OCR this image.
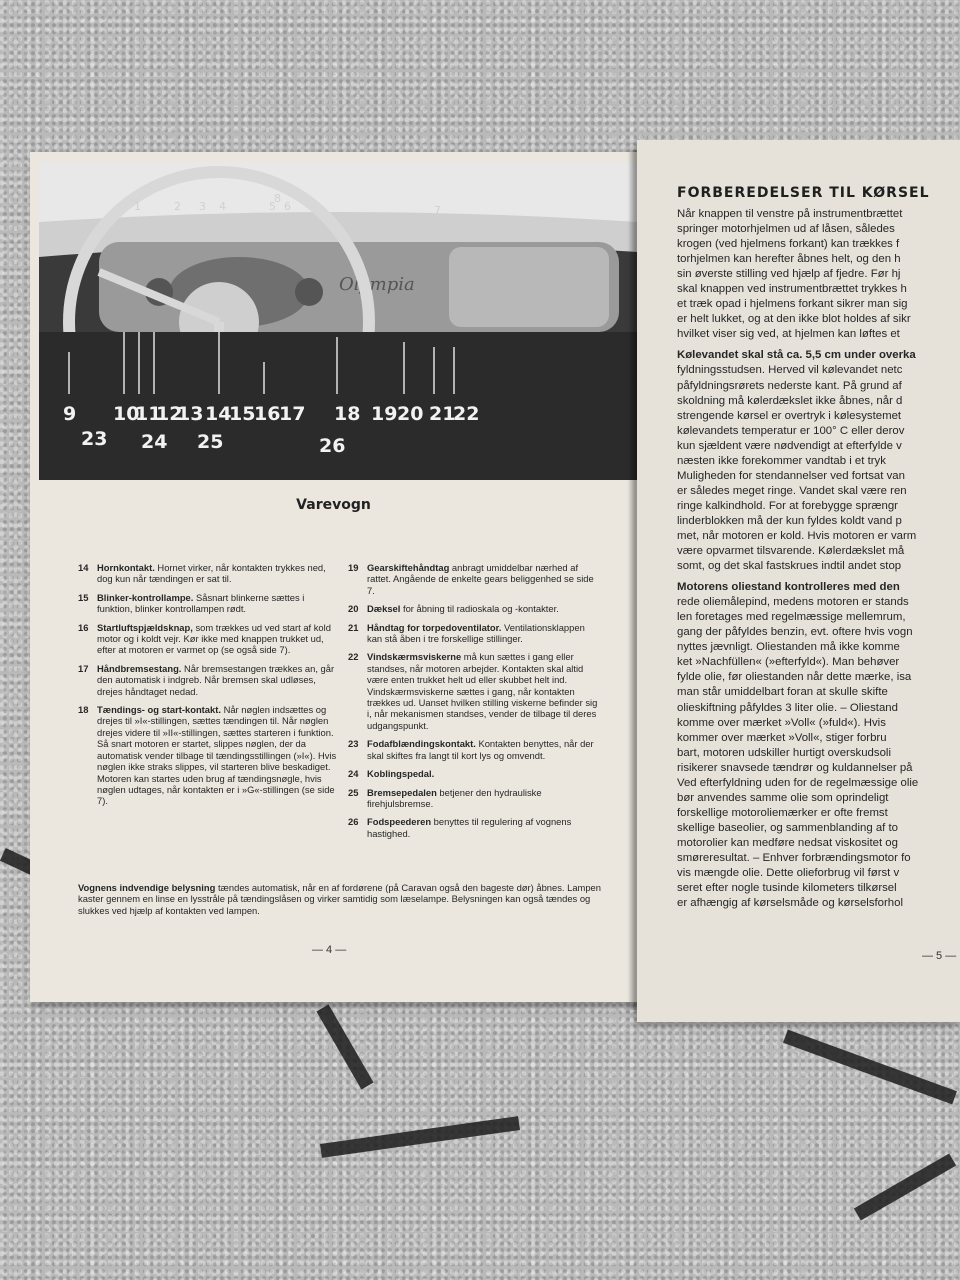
Olympia
1	2 3 4	5 6	7
8
9 10
11
12
13 14
15
16
17 18 19 20 21
22
23 24 25	26
Varevogn
14 Hornkontakt. Hornet virker, når kontakten trykkes ned, dog kun når tændingen er sat til.
15 Blinker-kontrollampe. Såsnart blinkerne sættes i funktion, blinker kontrollampen rødt.
16 Startluftspjældsknap, som trækkes ud ved start af kold motor og i koldt vejr. Kør ikke med knappen trukket ud, efter at motoren er varmet op (se også side 7).
17 Håndbremsestang. Når bremsestangen trækkes an, går den automatisk i indgreb. Når bremsen skal udløses, drejes håndtaget nedad.
18 Tændings- og start-kontakt. Når nøglen indsættes og drejes til »I«-stillingen, sættes tændingen til. Når nøglen drejes videre til »II«-stillingen, sættes starteren i funktion. Så snart motoren er startet, slippes nøglen, der da automatisk vender tilbage til tændingsstillingen (»I«). Hvis nøglen ikke straks slippes, vil starteren blive beskadiget. Motoren kan startes uden brug af tændingsnøgle, hvis nøglen udtages, når kontakten er i »G«-stillingen (se side 7).
19 Gearskiftehåndtag anbragt umiddelbar nærhed af rattet. Angående de enkelte gears beliggenhed se side 7.
20 Dæksel for åbning til radioskala og -kontakter.
21 Håndtag for torpedoventilator. Ventilationsklappen kan stå åben i tre forskellige stillinger.
22 Vindskærmsviskerne må kun sættes i gang eller standses, når motoren arbejder. Kontakten skal altid være enten trukket helt ud eller skubbet helt ind. Vindskærmsviskerne sættes i gang, når kontakten trækkes ud. Uanset hvilken stilling viskerne befinder sig i, når mekanismen standses, vender de tilbage til deres udgangspunkt.
23 Fodafblændingskontakt. Kontakten benyttes, når der skal skiftes fra langt til kort lys og omvendt.
24 Koblingspedal.
25 Bremsepedalen betjener den hydrauliske firehjulsbremse.
26 Fodspeederen benyttes til regulering af vognens hastighed.
Vognens indvendige belysning tændes automatisk, når en af fordørene (på Caravan også den bageste dør) åbnes. Lampen kaster gennem en linse en lysstråle på tændingslåsen og virker samtidig som læselampe. Belysningen kan også tændes og slukkes ved hjælp af kontakten ved lampen.
— 4 —
FORBEREDELSER TIL KØRSEL
Når knappen til venstre på instrumentbrættet
springer motorhjelmen ud af låsen, således
krogen (ved hjelmens forkant) kan trækkes f
torhjelmen kan herefter åbnes helt, og den h
sin øverste stilling ved hjælp af fjedre. Før hj
skal knappen ved instrumentbrættet trykkes h
et træk opad i hjelmens forkant sikrer man sig
er helt lukket, og at den ikke blot holdes af sikr
hvilket viser sig ved, at hjelmen kan løftes et
Kølevandet skal stå ca. 5,5 cm under overka
fyldningsstudsen. Herved vil kølevandet netc
påfyldningsrørets nederste kant. På grund af
skoldning må kølerdækslet ikke åbnes, når d
strengende kørsel er overtryk i kølesystemet
kølevandets temperatur er 100° C eller derov
kun sjældent være nødvendigt at efterfylde v
næsten ikke forekommer vandtab i et tryk
Muligheden for stendannelser ved fortsat van
er således meget ringe. Vandet skal være ren
ringe kalkindhold. For at forebygge sprængr
linderblokken må der kun fyldes koldt vand p
met, når motoren er kold. Hvis motoren er varm
være opvarmet tilsvarende. Kølerdækslet må
somt, og det skal fastskrues indtil andet stop
Motorens oliestand kontrolleres med den
rede oliemålepind, medens motoren er stands
len foretages med regelmæssige mellemrum,
gang der påfyldes benzin, evt. oftere hvis vogn
nyttes jævnligt. Oliestanden må ikke komme
ket »Nachfüllen« (»efterfyld«). Man behøver
fylde olie, før oliestanden når dette mærke, isa
man står umiddelbart foran at skulle skifte
olieskiftning påfyldes 3 liter olie. – Oliestand
komme over mærket »Voll« (»fuld«). Hvis
kommer over mærket »Voll«, stiger forbru
bart, motoren udskiller hurtigt overskudsoli
risikerer snavsede tændrør og kuldannelser på
Ved efterfyldning uden for de regelmæssige olie
bør anvendes samme olie som oprindeligt
forskellige motoroliemærker er ofte fremst
skellige baseolier, og sammenblanding af to
motorolier kan medføre nedsat viskositet og
smøreresultat. – Enhver forbrændingsmotor fo
vis mængde olie. Dette olieforbrug vil først v
seret efter nogle tusinde kilometers tilkørsel
er afhængig af kørselsmåde og kørselsforhol
— 5 —
